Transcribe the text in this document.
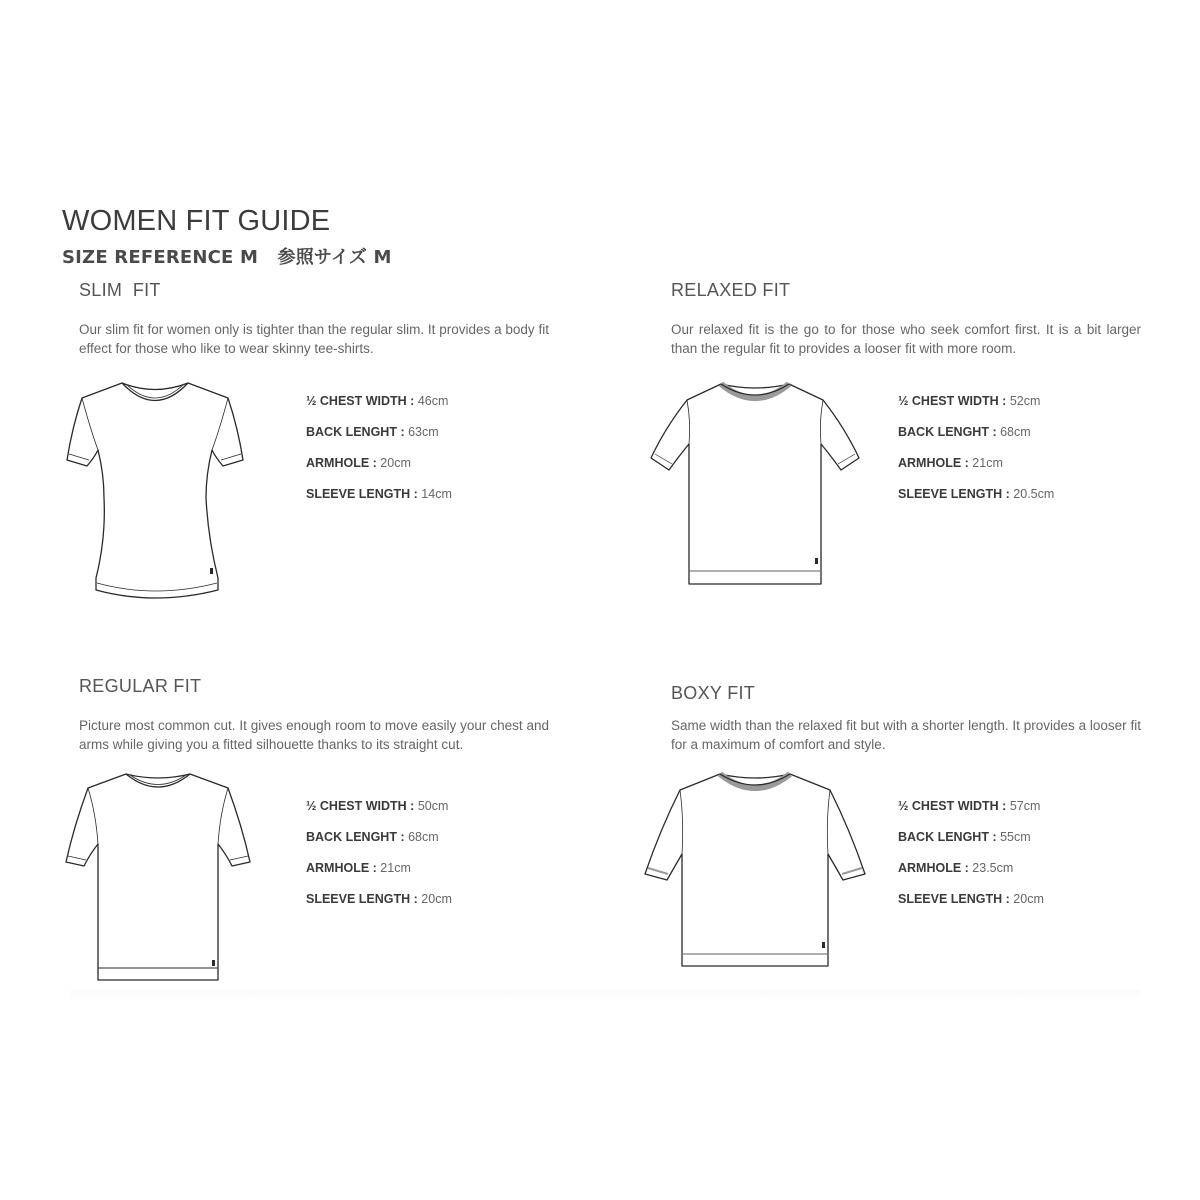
WOMEN FIT GUIDE
SIZE REFERENCE M   参照サイズ M
SLIM  FIT
Our slim fit for women only is tighter than the regular slim. It provides a body fit effect for those who like to wear skinny tee-shirts.
½ CHEST WIDTH : 46cm
BACK LENGHT : 63cm
ARMHOLE : 20cm
SLEEVE LENGTH : 14cm
RELAXED FIT
Our relaxed fit is the go to for those who seek comfort first. It is a bit larger than the regular fit to provides a looser fit with more room.
½ CHEST WIDTH : 52cm
BACK LENGHT : 68cm
ARMHOLE : 21cm
SLEEVE LENGTH : 20.5cm
REGULAR FIT
Picture most common cut. It gives enough room to move easily your chest and arms while giving you a fitted silhouette thanks to its straight cut.
½ CHEST WIDTH : 50cm
BACK LENGHT : 68cm
ARMHOLE : 21cm
SLEEVE LENGTH : 20cm
BOXY FIT
Same width than the relaxed fit but with a shorter length. It provides a looser fit for a maximum of comfort and style.
½ CHEST WIDTH : 57cm
BACK LENGHT : 55cm
ARMHOLE : 23.5cm
SLEEVE LENGTH : 20cm
